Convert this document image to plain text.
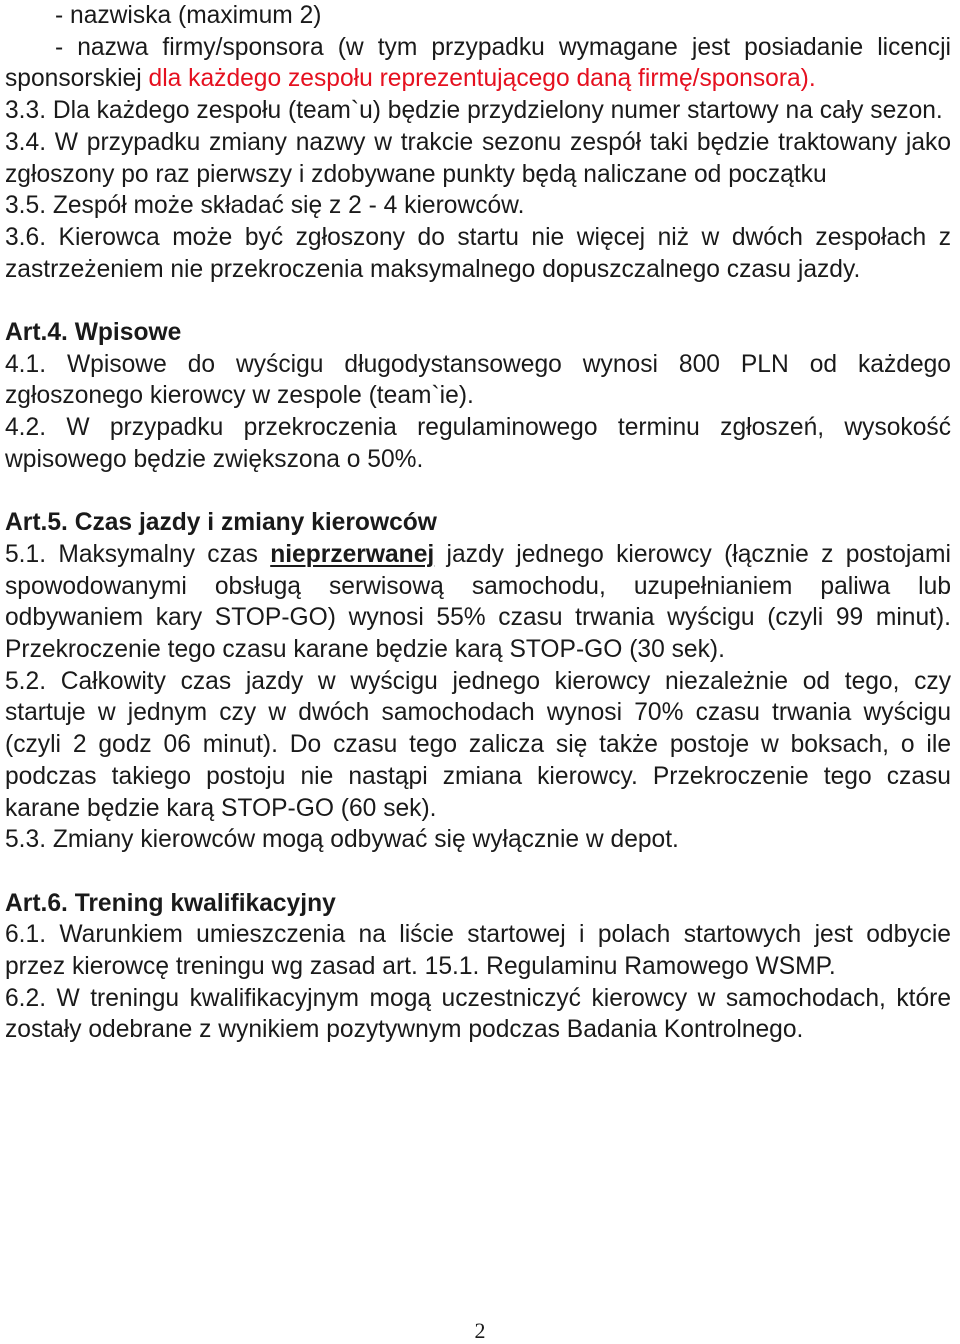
- nazwiska (maximum 2)

- nazwa firmy/sponsora (w tym przypadku wymagane jest posiadanie licencji sponsorskiej dla każdego zespołu reprezentującego daną firmę/sponsora).

3.3. Dla każdego zespołu (team`u) będzie przydzielony numer startowy na cały sezon.

3.4. W przypadku zmiany nazwy w trakcie sezonu zespół taki będzie traktowany jako zgłoszony po raz pierwszy i zdobywane punkty będą naliczane od początku

3.5. Zespół może składać się z 2 - 4 kierowców.

3.6. Kierowca może być zgłoszony do startu nie więcej niż w dwóch zespołach z zastrzeżeniem nie przekroczenia maksymalnego dopuszczalnego czasu jazdy.

Art.4. Wpisowe

4.1. Wpisowe do wyścigu długodystansowego wynosi 800 PLN od każdego zgłoszonego kierowcy w zespole (team`ie).

4.2. W przypadku przekroczenia regulaminowego terminu zgłoszeń, wysokość wpisowego będzie zwiększona o 50%.

Art.5. Czas jazdy i zmiany kierowców

5.1. Maksymalny czas nieprzerwanej jazdy jednego kierowcy (łącznie z postojami spowodowanymi obsługą serwisową samochodu, uzupełnianiem paliwa lub odbywaniem kary STOP-GO) wynosi 55% czasu trwania wyścigu (czyli 99 minut). Przekroczenie tego czasu karane będzie karą STOP-GO (30 sek).

5.2. Całkowity czas jazdy w wyścigu jednego kierowcy niezależnie od tego, czy startuje w jednym czy w dwóch samochodach wynosi 70% czasu trwania wyścigu (czyli 2 godz 06 minut). Do czasu tego zalicza się także postoje w boksach, o ile podczas takiego postoju nie nastąpi zmiana kierowcy. Przekroczenie tego czasu karane będzie karą STOP-GO (60 sek).

5.3. Zmiany kierowców mogą odbywać się wyłącznie w depot.

Art.6. Trening kwalifikacyjny

6.1. Warunkiem umieszczenia na liście startowej i polach startowych jest odbycie przez kierowcę treningu wg zasad art. 15.1. Regulaminu Ramowego WSMP.

6.2. W treningu kwalifikacyjnym mogą uczestniczyć kierowcy w samochodach, które zostały odebrane z wynikiem pozytywnym podczas Badania Kontrolnego.

2
